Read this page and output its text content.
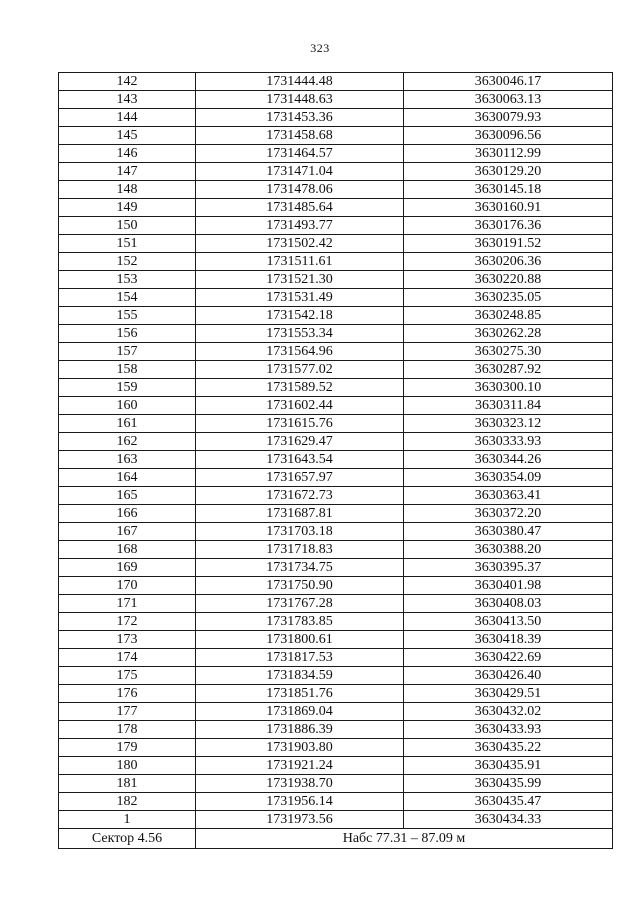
323
142	1731444.48	3630046.17
143	1731448.63	3630063.13
144	1731453.36	3630079.93
145	1731458.68	3630096.56
146	1731464.57	3630112.99
147	1731471.04	3630129.20
148	1731478.06	3630145.18
149	1731485.64	3630160.91
150	1731493.77	3630176.36
151	1731502.42	3630191.52
152	1731511.61	3630206.36
153	1731521.30	3630220.88
154	1731531.49	3630235.05
155	1731542.18	3630248.85
156	1731553.34	3630262.28
157	1731564.96	3630275.30
158	1731577.02	3630287.92
159	1731589.52	3630300.10
160	1731602.44	3630311.84
161	1731615.76	3630323.12
162	1731629.47	3630333.93
163	1731643.54	3630344.26
164	1731657.97	3630354.09
165	1731672.73	3630363.41
166	1731687.81	3630372.20
167	1731703.18	3630380.47
168	1731718.83	3630388.20
169	1731734.75	3630395.37
170	1731750.90	3630401.98
171	1731767.28	3630408.03
172	1731783.85	3630413.50
173	1731800.61	3630418.39
174	1731817.53	3630422.69
175	1731834.59	3630426.40
176	1731851.76	3630429.51
177	1731869.04	3630432.02
178	1731886.39	3630433.93
179	1731903.80	3630435.22
180	1731921.24	3630435.91
181	1731938.70	3630435.99
182	1731956.14	3630435.47
1	1731973.56	3630434.33
Сектор 4.56	Набс 77.31 – 87.09 м	
